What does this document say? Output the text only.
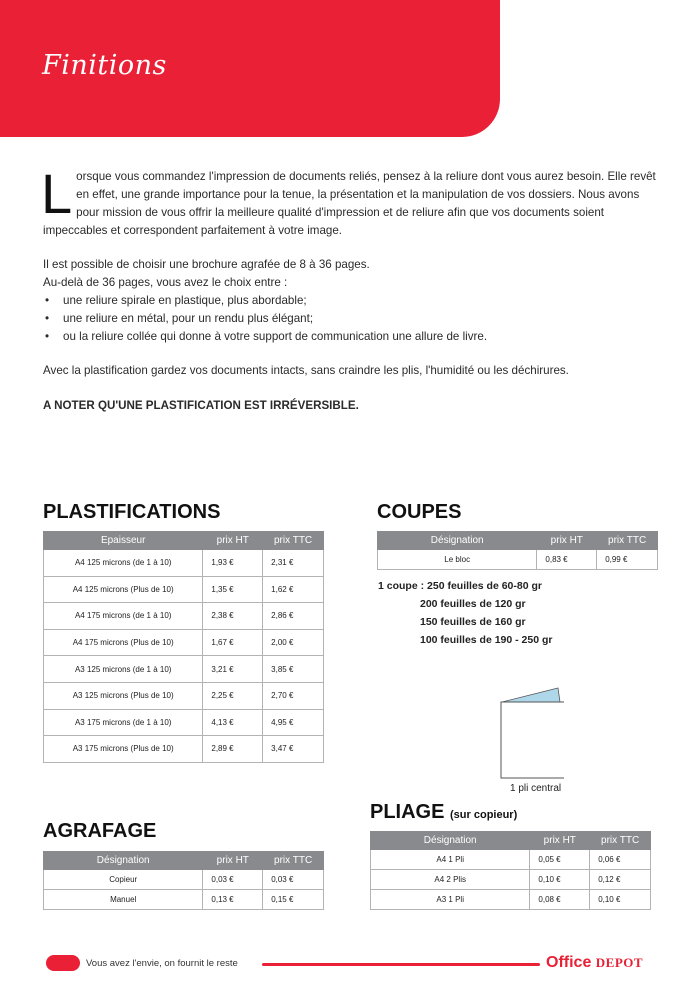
Finitions

Lorsque vous commandez l'impression de documents reliés, pensez à la reliure dont vous aurez besoin. Elle revêt en effet, une grande importance pour la tenue, la présentation et la manipulation de vos dossiers. Nous avons pour mission de vous offrir la meilleure qualité d'impression et de reliure afin que vos documents soient impeccables et correspondent parfaitement à votre image.

Il est possible de choisir une brochure agrafée de 8 à 36 pages.

Au-delà de 36 pages, vous avez le choix entre :

• une reliure spirale en plastique, plus abordable;
• une reliure en métal, pour un rendu plus élégant;
• ou la reliure collée qui donne à votre support de communication une allure de livre.

Avec la plastification gardez vos documents intacts, sans craindre les plis, l'humidité ou les déchirures.

A NOTER QU'UNE PLASTIFICATION EST IRRÉVERSIBLE.

PLASTIFICATIONS
Epaisseur	prix HT	prix TTC
A4 125 microns (de 1 à 10)	1,93 €	2,31 €
A4 125 microns (Plus de 10)	1,35 €	1,62 €
A4 175 microns (de 1 à 10)	2,38 €	2,86 €
A4 175 microns (Plus de 10)	1,67 €	2,00 €
A3 125 microns (de 1 à 10)	3,21 €	3,85 €
A3 125 microns (Plus de 10)	2,25 €	2,70 €
A3 175 microns (de 1 à 10)	4,13 €	4,95 €
A3 175 microns (Plus de 10)	2,89 €	3,47 €
COUPES
Désignation	prix HT	prix TTC
Le bloc	0,83 €	0,99 €
1 coupe : 250 feuilles de 60-80 gr
200 feuilles de 120 gr
150 feuilles de 160 gr
100 feuilles de 190 - 250 gr
1 pli central
AGRAFAGE
Désignation	prix HT	prix TTC
Copieur	0,03 €	0,03 €
Manuel	0,13 €	0,15 €
PLIAGE (sur copieur)
Désignation	prix HT	prix TTC
A4 1 Pli	0,05 €	0,06 €
A4 2 Plis	0,10 €	0,12 €
A3 1 Pli	0,08 €	0,10 €
Vous avez l'envie, on fournit le reste	Office DEPOT
